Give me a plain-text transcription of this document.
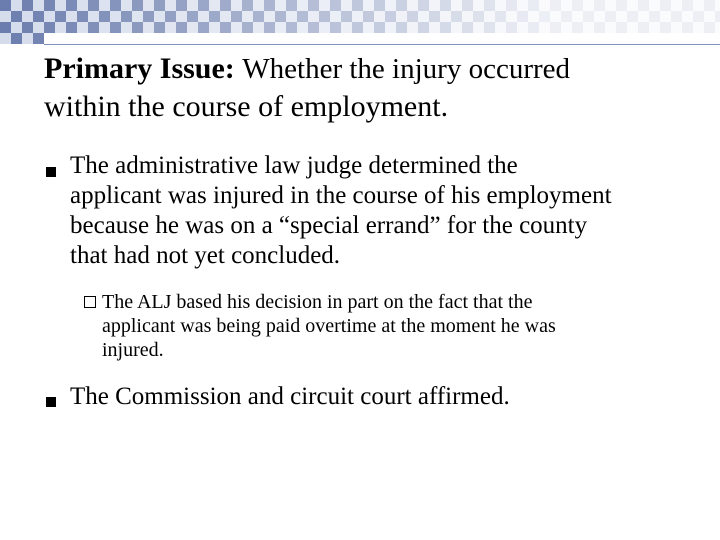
Primary Issue: Whether the injury occurred
within the course of employment.
The administrative law judge determined the
applicant was injured in the course of his employment
because he was on a “special errand” for the county
that had not yet concluded.
The ALJ based his decision in part on the fact that the
applicant was being paid overtime at the moment he was
injured.
The Commission and circuit court affirmed.
